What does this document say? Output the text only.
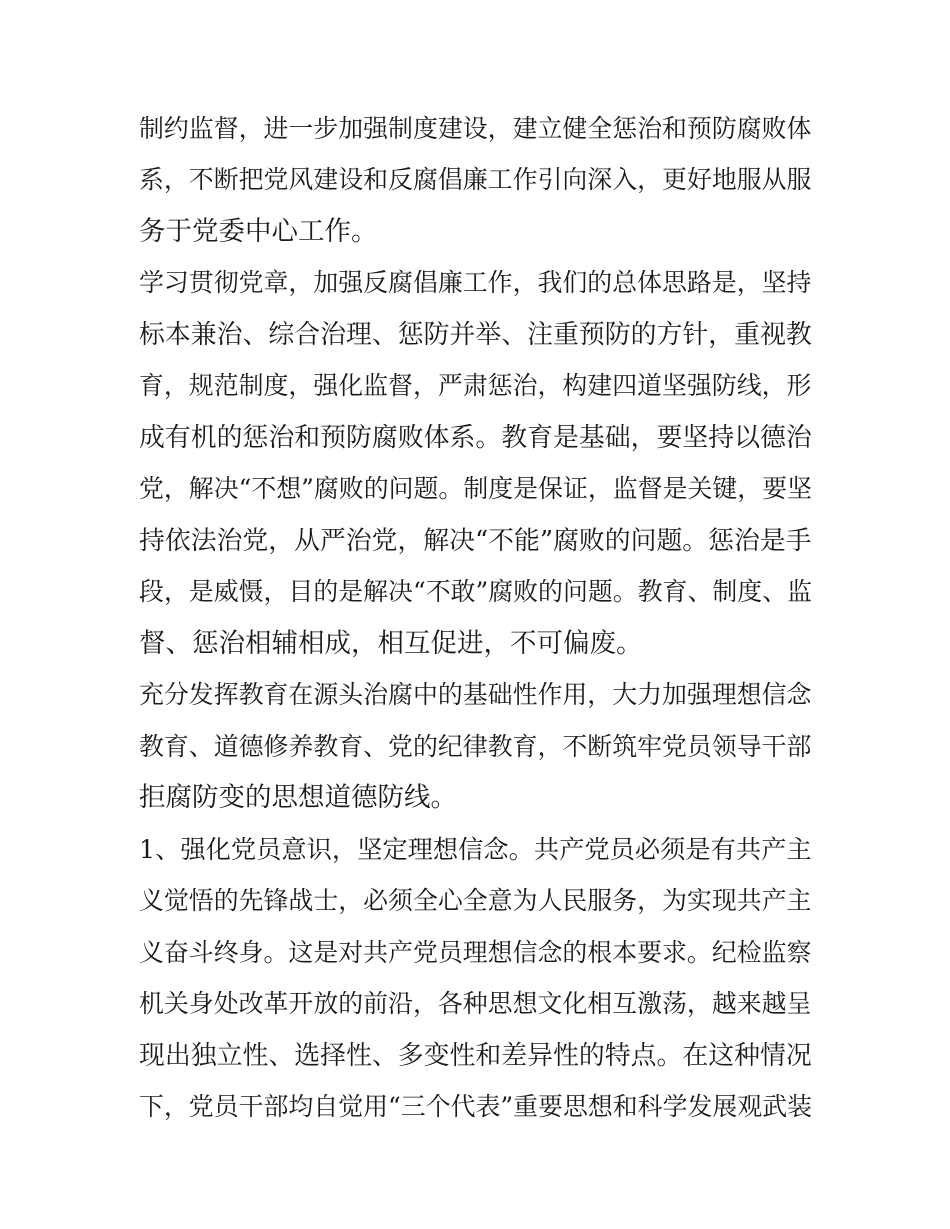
制约监督，进一步加强制度建设，建立健全惩治和预防腐败体
系，不断把党风建设和反腐倡廉工作引向深入，更好地服从服
务于党委中心工作。
学习贯彻党章，加强反腐倡廉工作，我们的总体思路是，坚持
标本兼治、综合治理、惩防并举、注重预防的方针，重视教
育，规范制度，强化监督，严肃惩治，构建四道坚强防线，形
成有机的惩治和预防腐败体系。教育是基础，要坚持以德治
党，解决“不想”腐败的问题。制度是保证，监督是关键，要坚
持依法治党，从严治党，解决“不能”腐败的问题。惩治是手
段，是威慑，目的是解决“不敢”腐败的问题。教育、制度、监
督、惩治相辅相成，相互促进，不可偏废。
充分发挥教育在源头治腐中的基础性作用，大力加强理想信念
教育、道德修养教育、党的纪律教育，不断筑牢党员领导干部
拒腐防变的思想道德防线。
1、强化党员意识，坚定理想信念。共产党员必须是有共产主
义觉悟的先锋战士，必须全心全意为人民服务，为实现共产主
义奋斗终身。这是对共产党员理想信念的根本要求。纪检监察
机关身处改革开放的前沿，各种思想文化相互激荡，越来越呈
现出独立性、选择性、多变性和差异性的特点。在这种情况
下，党员干部均自觉用“三个代表”重要思想和科学发展观武装
